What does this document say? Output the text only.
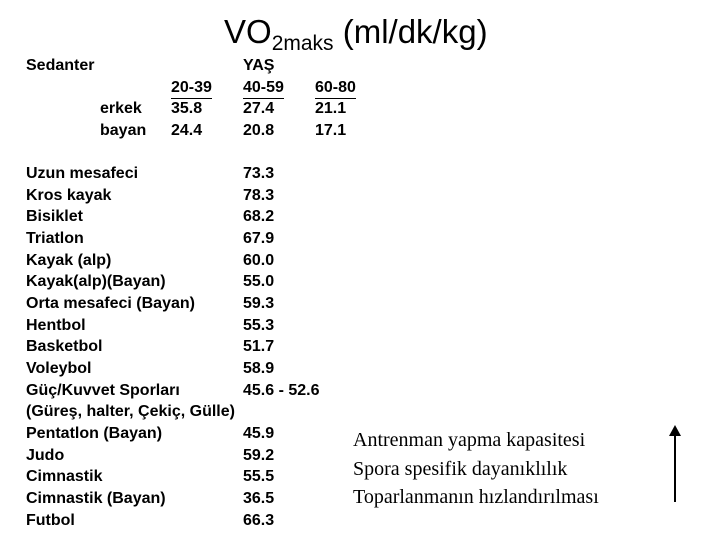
$VO_{2maks}$ (ml/dk/kg)
Sedanter	YAŞ
20-39 40-59 60-80
erkek 35.8	27.4	21.1
bayan 24.4	20.8	17.1
Uzun mesafeci	73.3
Kros kayak	78.3
Bisiklet	68.2
Triatlon	67.9
Kayak (alp)	60.0
Kayak(alp)(Bayan)	55.0
Orta mesafeci (Bayan)	59.3
Hentbol	55.3
Basketbol	51.7
Voleybol	58.9
Güç/Kuvvet Sporları	45.6 - 52.6
(Güreş, halter, Çekiç, Gülle)
Pentatlon (Bayan)	45.9
Judo	59.2
Cimnastik	55.5
Cimnastik (Bayan)	36.5
Futbol	66.3
Antrenman yapma kapasitesi
Spora spesifik dayanıklılık
Toparlanmanın hızlandırılması
